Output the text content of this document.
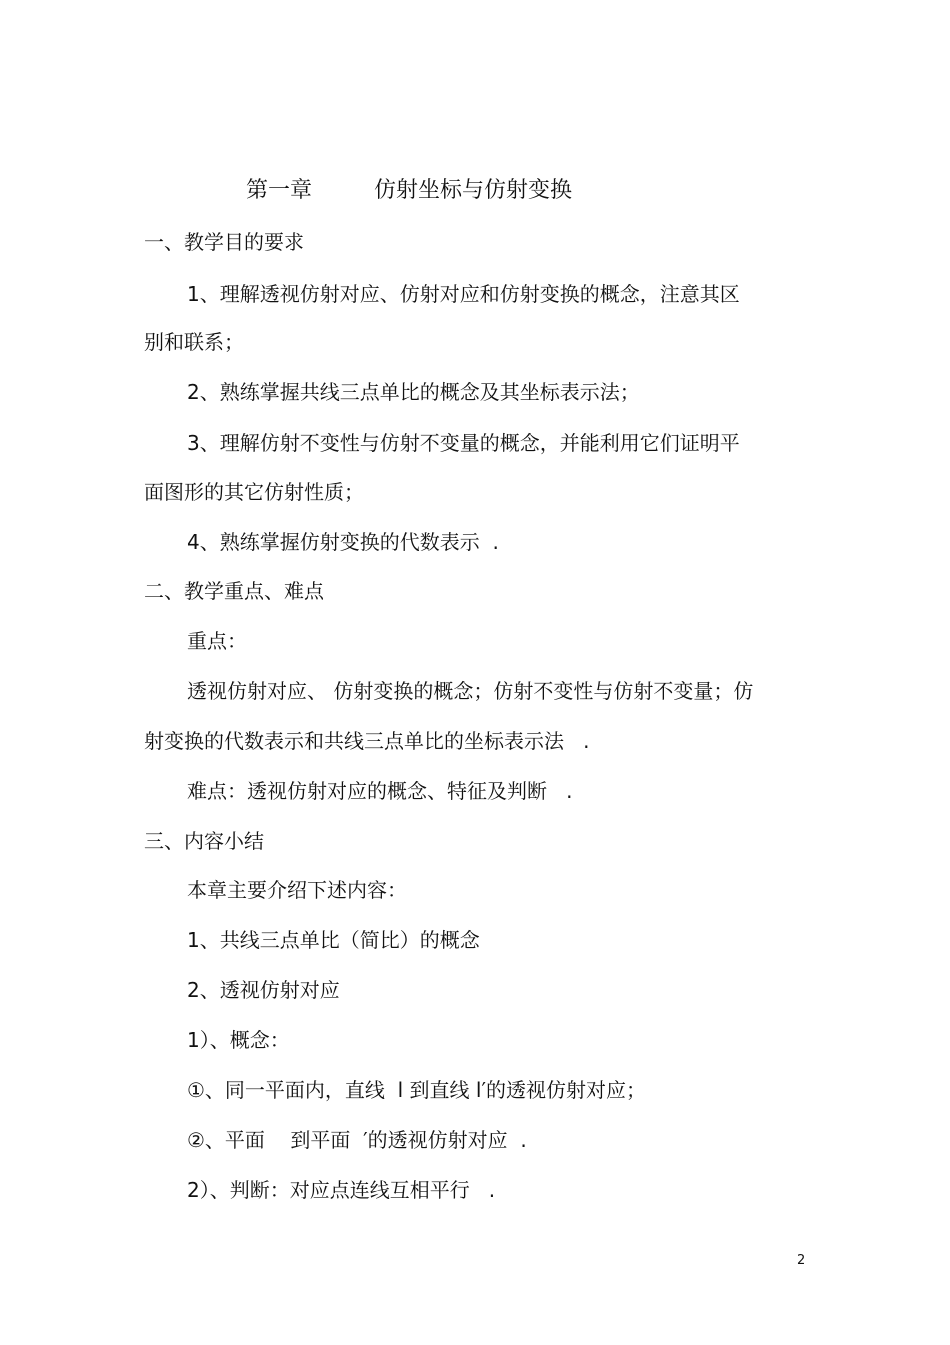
第一章	仿射坐标与仿射变换
一、教学目的要求
1、理解透视仿射对应、仿射对应和仿射变换的概念，注意其区
别和联系；
2、熟练掌握共线三点单比的概念及其坐标表示法；
3、理解仿射不变性与仿射不变量的概念，并能利用它们证明平
面图形的其它仿射性质；
4、熟练掌握仿射变换的代数表示  .
二、教学重点、难点
重点：
透视仿射对应、 仿射变换的概念；仿射不变性与仿射不变量；仿
射变换的代数表示和共线三点单比的坐标表示法   .
难点：透视仿射对应的概念、特征及判断   .
三、内容小结
本章主要介绍下述内容：
1、共线三点单比（简比）的概念
2、透视仿射对应
1）、概念：
①、同一平面内，直线  l 到直线 l′的透视仿射对应；
②、平面    到平面  ′的透视仿射对应  .
2）、判断：对应点连线互相平行   .
2
